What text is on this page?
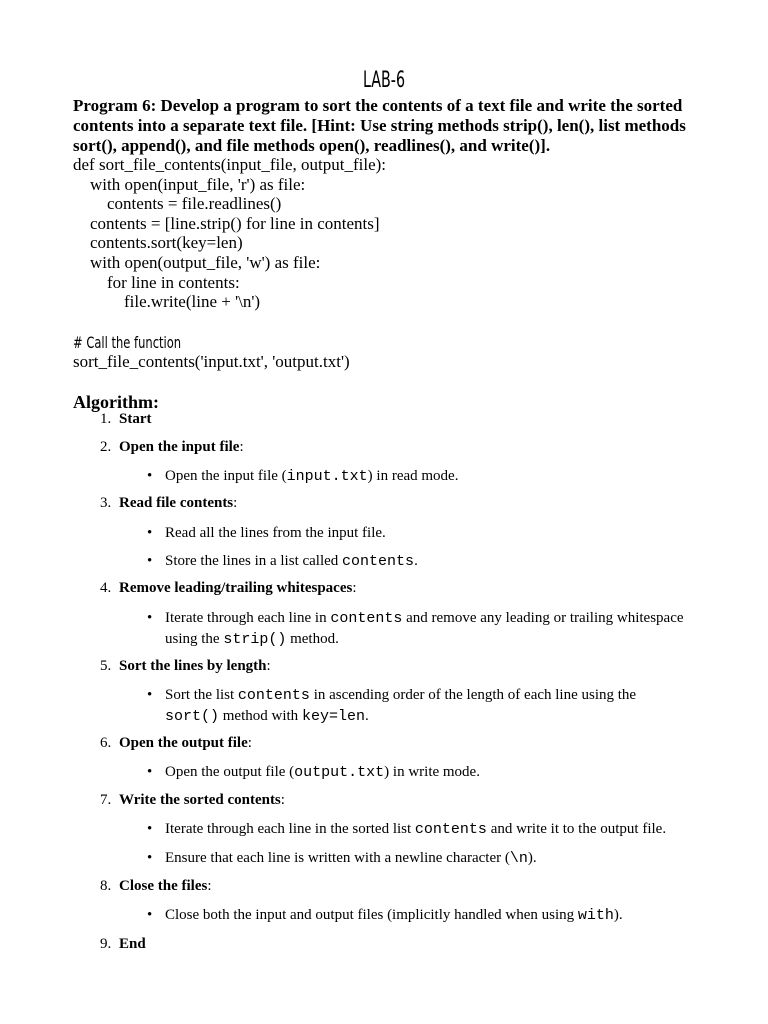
LAB-6
Program 6: Develop a program to sort the contents of a text file and write the sorted contents into a separate text file. [Hint: Use string methods strip(), len(), list methods sort(), append(), and file methods open(), readlines(), and write()].
def sort_file_contents(input_file, output_file):
with open(input_file, 'r') as file:
contents = file.readlines()
contents = [line.strip() for line in contents]
contents.sort(key=len)
with open(output_file, 'w') as file:
for line in contents:
file.write(line + '\n')
# Call the function
sort_file_contents('input.txt', 'output.txt')
Algorithm:
1. Start
2. Open the input file:
• Open the input file (input.txt) in read mode.
3. Read file contents:
• Read all the lines from the input file.
• Store the lines in a list called contents.
4. Remove leading/trailing whitespaces:
• Iterate through each line in contents and remove any leading or trailing whitespace using the strip() method.
5. Sort the lines by length:
• Sort the list contents in ascending order of the length of each line using the sort() method with key=len.
6. Open the output file:
• Open the output file (output.txt) in write mode.
7. Write the sorted contents:
• Iterate through each line in the sorted list contents and write it to the output file.
• Ensure that each line is written with a newline character (\n).
8. Close the files:
• Close both the input and output files (implicitly handled when using with).
9. End
